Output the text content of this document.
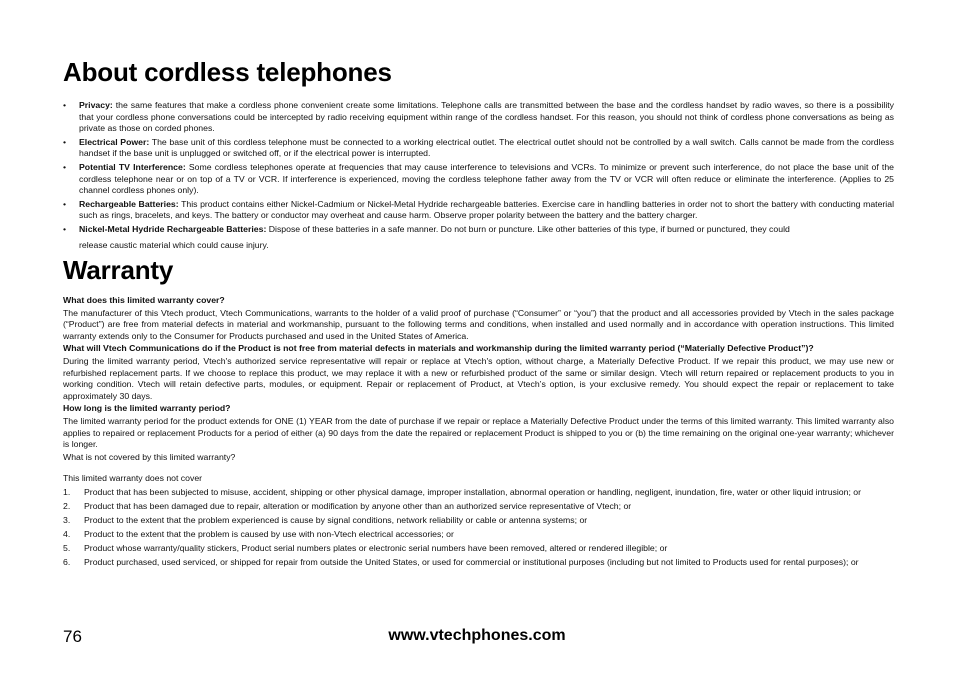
About cordless telephones
• Privacy: the same features that make a cordless phone convenient create some limitations. Telephone calls are transmitted between the base and the cordless handset by radio waves, so there is a possibility that your cordless phone conversations could be intercepted by radio receiving equipment within range of the cordless handset. For this reason, you should not think of cordless phone conversations as being as private as those on corded phones.
• Electrical Power: The base unit of this cordless telephone must be connected to a working electrical outlet. The electrical outlet should not be controlled by a wall switch. Calls cannot be made from the cordless handset if the base unit is unplugged or switched off, or if the electrical power is interrupted.
• Potential TV Interference: Some cordless telephones operate at frequencies that may cause interference to televisions and VCRs. To minimize or prevent such interference, do not place the base unit of the cordless telephone near or on top of a TV or VCR. If interference is experienced, moving the cordless telephone father away from the TV or VCR will often reduce or eliminate the interference. (Applies to 25 channel cordless phones only).
• Rechargeable Batteries: This product contains either Nickel-Cadmium or Nickel-Metal Hydride rechargeable batteries. Exercise care in handling batteries in order not to short the battery with conducting material such as rings, bracelets, and keys. The battery or conductor may overheat and cause harm. Observe proper polarity between the battery and the battery charger.
• Nickel-Metal Hydride Rechargeable Batteries: Dispose of these batteries in a safe manner. Do not burn or puncture. Like other batteries of this type, if burned or punctured, they could
release caustic material which could cause injury.
Warranty

What does this limited warranty cover?

The manufacturer of this Vtech product, Vtech Communications, warrants to the holder of a valid proof of purchase (“Consumer” or “you”) that the product and all accessories provided by Vtech in the sales package (“Product”) are free from material defects in material and workmanship, pursuant to the following terms and conditions, when installed and used normally and in accordance with operation instructions. This limited warranty extends only to the Consumer for Products purchased and used in the United States of America.

What will Vtech Communications do if the Product is not free from material defects in materials and workmanship during the limited warranty period (“Materially Defective Product”)?

During the limited warranty period, Vtech's authorized service representative will repair or replace at Vtech's option, without charge, a Materially Defective Product. If we repair this product, we may use new or refurbished replacement parts. If we choose to replace this product, we may replace it with a new or refurbished product of the same or similar design. Vtech will return repaired or replacement products to you in working condition. Vtech will retain defective parts, modules, or equipment. Repair or replacement of Product, at Vtech’s option, is your exclusive remedy. You should expect the repair or replacement to take approximately 30 days.

How long is the limited warranty period?

The limited warranty period for the product extends for ONE (1) YEAR from the date of purchase if we repair or replace a Materially Defective Product under the terms of this limited warranty. This limited warranty also applies to repaired or replacement Products for a period of either (a) 90 days from the date the repaired or replacement Product is shipped to you or (b) the time remaining on the original one-year warranty; whichever is longer.

What is not covered by this limited warranty?

This limited warranty does not cover

1. Product that has been subjected to misuse, accident, shipping or other physical damage, improper installation, abnormal operation or handling, negligent, inundation, fire, water or other liquid intrusion; or
2. Product that has been damaged due to repair, alteration or modification by anyone other than an authorized service representative of Vtech; or
3. Product to the extent that the problem experienced is cause by signal conditions, network reliability or cable or antenna systems; or
4. Product to the extent that the problem is caused by use with non-Vtech electrical accessories; or
5. Product whose warranty/quality stickers, Product serial numbers plates or electronic serial numbers have been removed, altered or rendered illegible; or
6. Product purchased, used serviced, or shipped for repair from outside the United States, or used for commercial or institutional purposes (including but not limited to Products used for rental purposes); or
www.vtechphones.com
76
